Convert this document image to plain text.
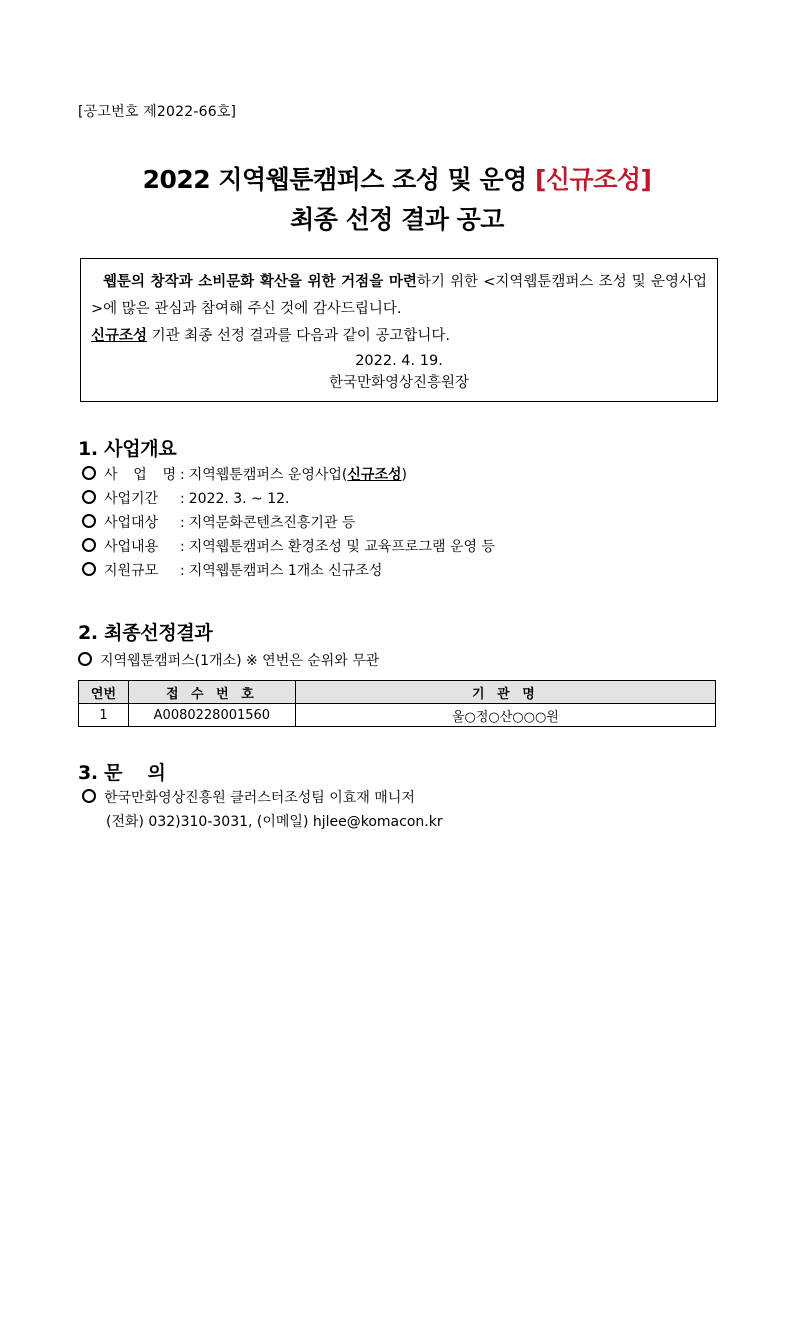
[공고번호 제2022-66호]
2022 지역웹툰캠퍼스 조성 및 운영 [신규조성]
최종 선정 결과 공고

웹툰의 창작과 소비문화 확산을 위한 거점을 마련하기 위한 <지역웹툰캠퍼스 조성 및 운영사업>에 많은 관심과 참여해 주신 것에 감사드립니다.

신규조성 기관 최종 선정 결과를 다음과 같이 공고합니다.

2022. 4. 19.

한국만화영상진흥원장

1. 사업개요
사 업 명 : 지역웹툰캠퍼스 운영사업(신규조성)
사업기간 : 2022. 3. ~ 12.
사업대상 : 지역문화콘텐츠진흥기관 등
사업내용 : 지역웹툰캠퍼스 환경조성 및 교육프로그램 운영 등
지원규모 : 지역웹툰캠퍼스 1개소 신규조성
2. 최종선정결과
지역웹툰캠퍼스(1개소) ※ 연번은 순위와 무관
연번	접 수 번 호	기 관 명
1	A0080228001560	울○정○산○○○원
3. 문    의
한국만화영상진흥원 클러스터조성팀 이효재 매니저
(전화) 032)310-3031, (이메일) hjlee@komacon.kr
